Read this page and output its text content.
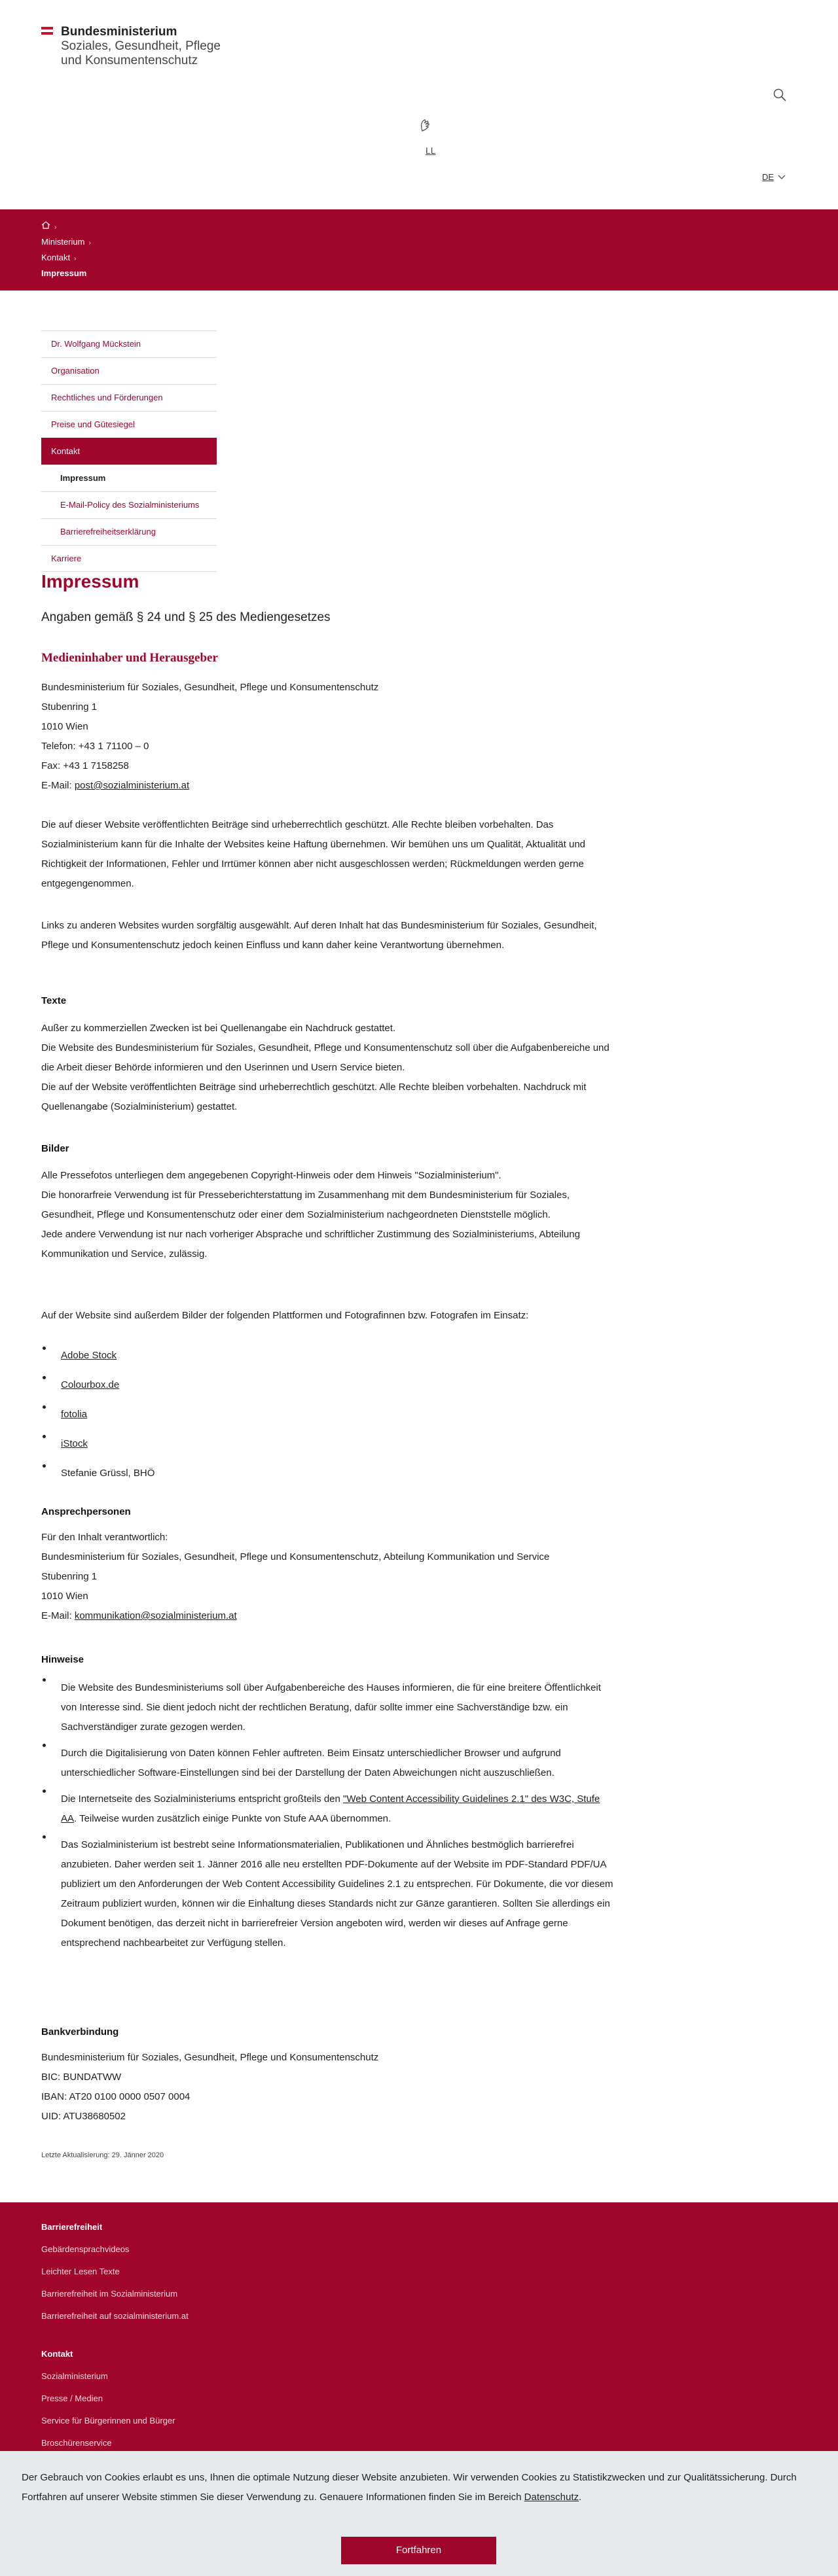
Bundesministerium
Soziales, Gesundheit, Pflege
und Konsumentenschutz
LL
DE
›
Ministerium ›
Kontakt ›
Impressum
Dr. Wolfgang Mückstein
Organisation
Rechtliches und Förderungen
Preise und Gütesiegel
Kontakt
Impressum
E-Mail-Policy des Sozialministeriums
Barrierefreiheitserklärung
Karriere
Impressum
Angaben gemäß § 24 und § 25 des Mediengesetzes
Medieninhaber und Herausgeber
Bundesministerium für Soziales, Gesundheit, Pflege und Konsumentenschutz
Stubenring 1
1010 Wien
Telefon: +43 1 71100 – 0
Fax: +43 1 7158258
E-Mail: post@sozialministerium.at
Die auf dieser Website veröffentlichten Beiträge sind urheberrechtlich geschützt. Alle Rechte bleiben vorbehalten. Das Sozialministerium kann für die Inhalte der Websites keine Haftung übernehmen. Wir bemühen uns um Qualität, Aktualität und Richtigkeit der Informationen, Fehler und Irrtümer können aber nicht ausgeschlossen werden; Rückmeldungen werden gerne entgegengenommen.
Links zu anderen Websites wurden sorgfältig ausgewählt. Auf deren Inhalt hat das Bundesministerium für Soziales, Gesundheit, Pflege und Konsumentenschutz jedoch keinen Einfluss und kann daher keine Verantwortung übernehmen.
Texte
Außer zu kommerziellen Zwecken ist bei Quellenangabe ein Nachdruck gestattet.
Die Website des Bundesministerium für Soziales, Gesundheit, Pflege und Konsumentenschutz soll über die Aufgabenbereiche und die Arbeit dieser Behörde informieren und den Userinnen und Usern Service bieten.
Die auf der Website veröffentlichten Beiträge sind urheberrechtlich geschützt. Alle Rechte bleiben vorbehalten. Nachdruck mit Quellenangabe (Sozialministerium) gestattet.
Bilder
Alle Pressefotos unterliegen dem angegebenen Copyright-Hinweis oder dem Hinweis "Sozialministerium".
Die honorarfreie Verwendung ist für Presseberichterstattung im Zusammenhang mit dem Bundesministerium für Soziales, Gesundheit, Pflege und Konsumentenschutz oder einer dem Sozialministerium nachgeordneten Dienststelle möglich.
Jede andere Verwendung ist nur nach vorheriger Absprache und schriftlicher Zustimmung des Sozialministeriums, Abteilung Kommunikation und Service, zulässig.
Auf der Website sind außerdem Bilder der folgenden Plattformen und Fotografinnen bzw. Fotografen im Einsatz:
Adobe Stock
Colourbox.de
fotolia
iStock
Stefanie Grüssl, BHÖ
Ansprechpersonen
Für den Inhalt verantwortlich:
Bundesministerium für Soziales, Gesundheit, Pflege und Konsumentenschutz, Abteilung Kommunikation und Service
Stubenring 1
1010 Wien
E-Mail: kommunikation@sozialministerium.at
Hinweise
Die Website des Bundesministeriums soll über Aufgabenbereiche des Hauses informieren, die für eine breitere Öffentlichkeit von Interesse sind. Sie dient jedoch nicht der rechtlichen Beratung, dafür sollte immer eine Sachverständige bzw. ein Sachverständiger zurate gezogen werden.
Durch die Digitalisierung von Daten können Fehler auftreten. Beim Einsatz unterschiedlicher Browser und aufgrund unterschiedlicher Software-Einstellungen sind bei der Darstellung der Daten Abweichungen nicht auszuschließen.
Die Internetseite des Sozialministeriums entspricht großteils den "Web Content Accessibility Guidelines 2.1" des W3C, Stufe AA. Teilweise wurden zusätzlich einige Punkte von Stufe AAA übernommen.
Das Sozialministerium ist bestrebt seine Informationsmaterialien, Publikationen und Ähnliches bestmöglich barrierefrei anzubieten. Daher werden seit 1. Jänner 2016 alle neu erstellten PDF-Dokumente auf der Website im PDF-Standard PDF/UA publiziert um den Anforderungen der Web Content Accessibility Guidelines 2.1 zu entsprechen. Für Dokumente, die vor diesem Zeitraum publiziert wurden, können wir die Einhaltung dieses Standards nicht zur Gänze garantieren. Sollten Sie allerdings ein Dokument benötigen, das derzeit nicht in barrierefreier Version angeboten wird, werden wir dieses auf Anfrage gerne entsprechend nachbearbeitet zur Verfügung stellen.
Bankverbindung
Bundesministerium für Soziales, Gesundheit, Pflege und Konsumentenschutz
BIC: BUNDATWW
IBAN: AT20 0100 0000 0507 0004
UID: ATU38680502
Letzte Aktualisierung: 29. Jänner 2020
Barrierefreiheit
Gebärdensprachvideos
Leichter Lesen Texte
Barrierefreiheit im Sozialministerium
Barrierefreiheit auf sozialministerium.at
Kontakt
Sozialministerium
Presse / Medien
Service für Bürgerinnen und Bürger
Broschürenservice
Der Gebrauch von Cookies erlaubt es uns, Ihnen die optimale Nutzung dieser Website anzubieten. Wir verwenden Cookies zu Statistikzwecken und zur Qualitätssicherung. Durch Fortfahren auf unserer Website stimmen Sie dieser Verwendung zu. Genauere Informationen finden Sie im Bereich Datenschutz.
Fortfahren
